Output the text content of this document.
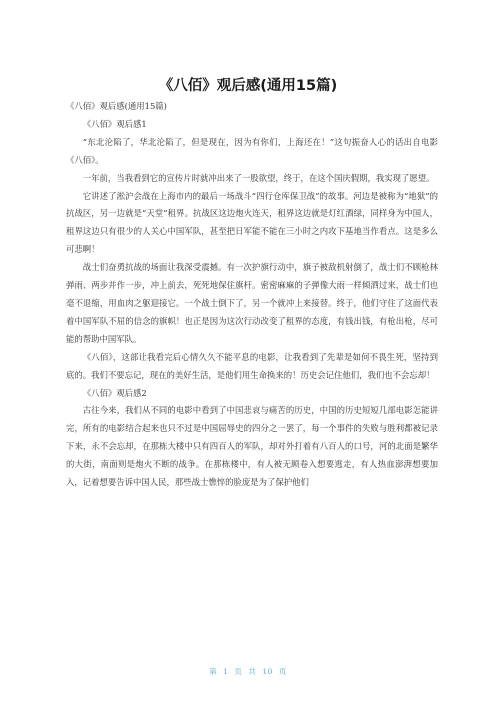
《八佰》观后感(通用15篇)

《八佰》观后感(通用15篇)

《八佰》观后感1

“东北沦陷了，华北沦陷了，但是现在，因为有你们，上海还在！”这句振奋人心的话出自电影《八佰》。

一年前，当我看到它的宣传片时就冲出来了一股欲望，终于，在这个国庆假期，我实现了愿望。

它讲述了淞沪会战在上海市内的最后一场战斗“四行仓库保卫战”的故事。河边是被称为“地狱”的抗战区，另一边就是“天堂”租界。抗战区这边炮火连天，租界这边就是灯红酒绿，同样身为中国人，租界这边只有很少的人关心中国军队，甚至把日军能不能在三小时之内攻下基地当作看点。这是多么可悲啊！

战士们奋勇抗战的场面让我深受震撼。有一次护旗行动中，旗子被敌机射倒了，战士们不顾枪林弹雨、两步并作一步，冲上前去，死死地保住旗杆。密密麻麻的子弹像大雨一样倾洒过来，战士们也毫不退缩，用血肉之躯迎接它。一个战士倒下了，另一个就冲上来接替。终于，他们守住了这面代表着中国军队不屈的信念的旗帜！也正是因为这次行动改变了租界的态度，有钱出钱，有枪出枪，尽可能的帮助中国军队。

《八佰》，这部让我看完后心情久久不能平息的电影，让我看到了先辈是如何不畏生死，坚持到底的。我们不要忘记，现在的美好生活，是他们用生命换来的！历史会记住他们，我们也不会忘却！

《八佰》观后感2

古往今来，我们从不同的电影中看到了中国悲哀与痛苦的历史，中国的历史短短几部电影怎能讲完，所有的电影结合起来也只不过是中国屈辱史的四分之一罢了，每一个事件的失败与胜利都被记录下来，永不会忘却，在那栋大楼中只有四百人的军队，却对外打着有八百人的口号，河的北面是繁华的大街，南面则是炮火不断的战争。在那栋楼中，有人被无顾卷入想要逃走，有人热血澎湃想要加入，记着想要告诉中国人民，那些战士憔悴的脸庞是为了保护他们

第 1 页 共 10 页
